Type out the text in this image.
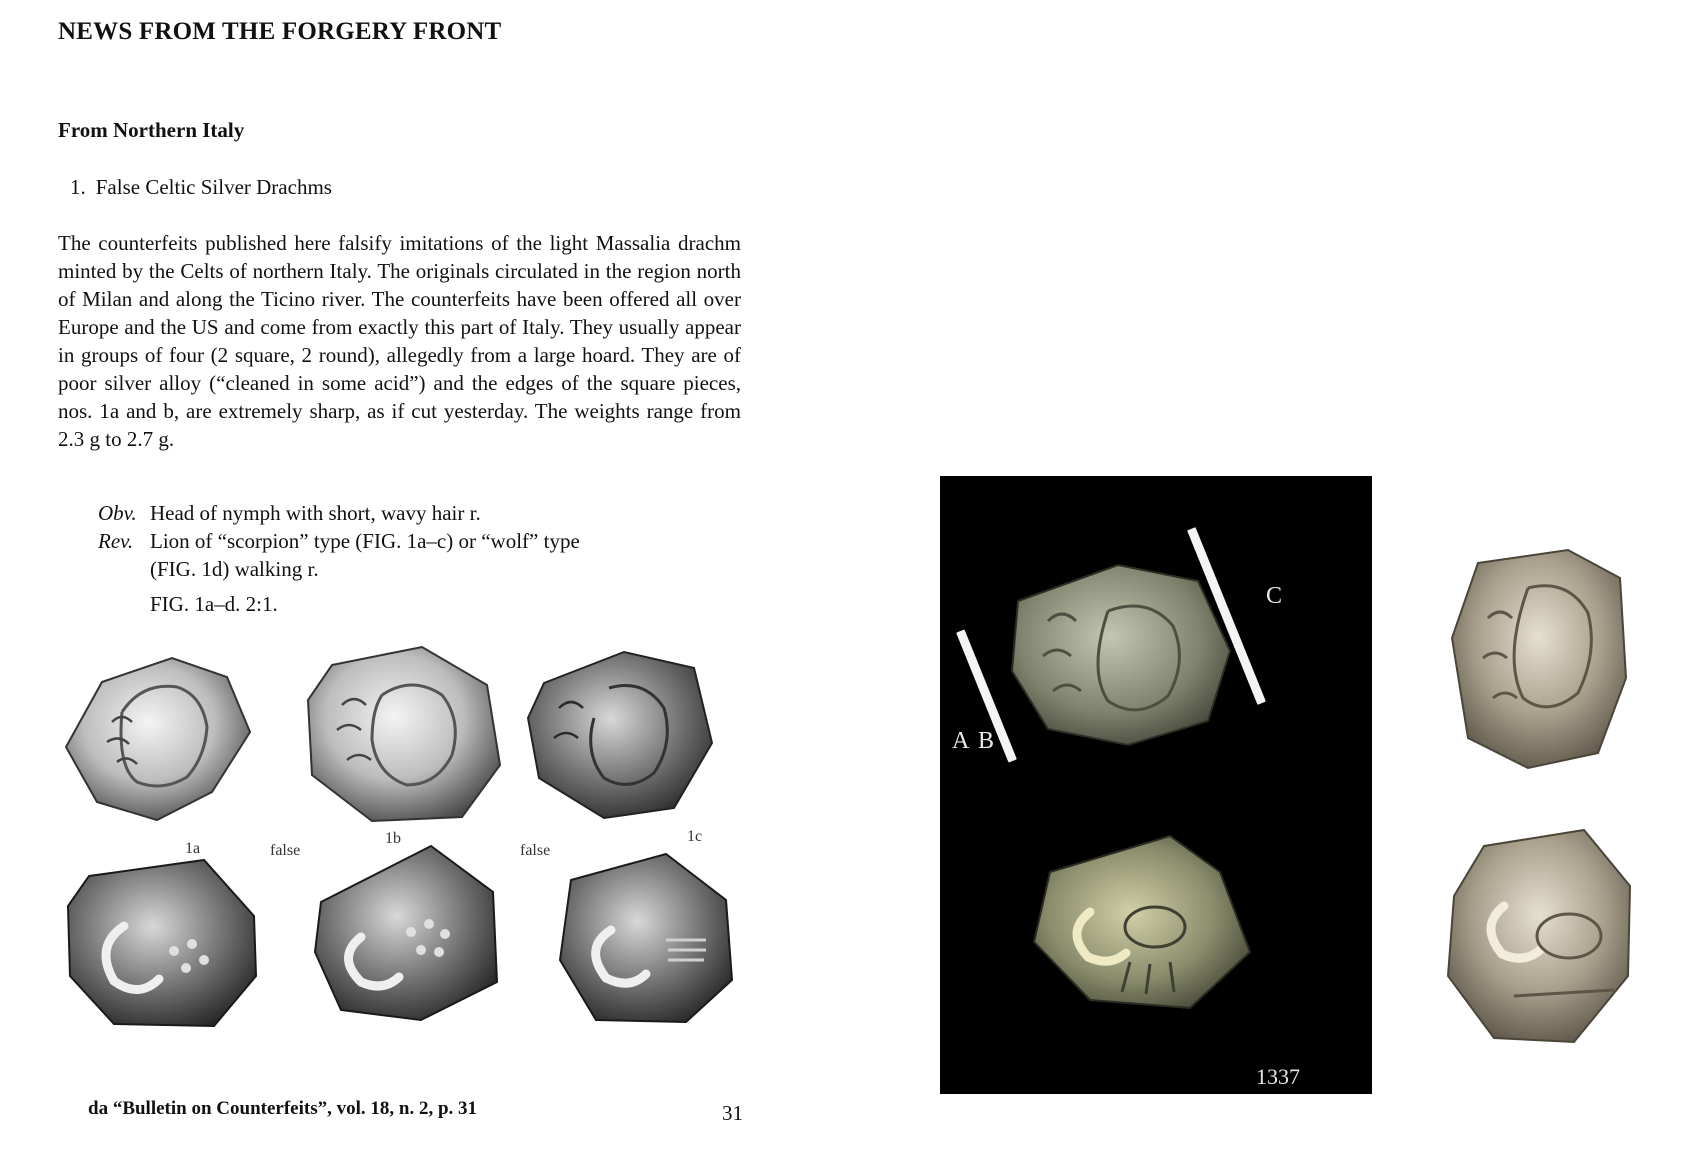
NEWS FROM THE FORGERY FRONT
From Northern Italy
1. False Celtic Silver Drachms

The counterfeits published here falsify imitations of the light Massalia drachm minted by the Celts of northern Italy. The originals circulated in the region north of Milan and along the Ticino river. The counterfeits have been offered all over Europe and the US and come from exactly this part of Italy. They usually appear in groups of four (2 square, 2 round), allegedly from a large hoard. They are of poor silver alloy (“cleaned in some acid”) and the edges of the square pieces, nos. 1a and b, are extremely sharp, as if cut yesterday. The weights range from 2.3 g to 2.7 g.

Obv. Head of nymph with short, wavy hair r.
Rev. Lion of “scorpion” type (FIG. 1a–c) or “wolf” type
(FIG. 1d) walking r.
FIG. 1a–d. 2:1.
1a	false
1b
false
1c
da “Bulletin on Counterfeits”, vol. 18, n. 2, p. 31	31
A B
C
1337
